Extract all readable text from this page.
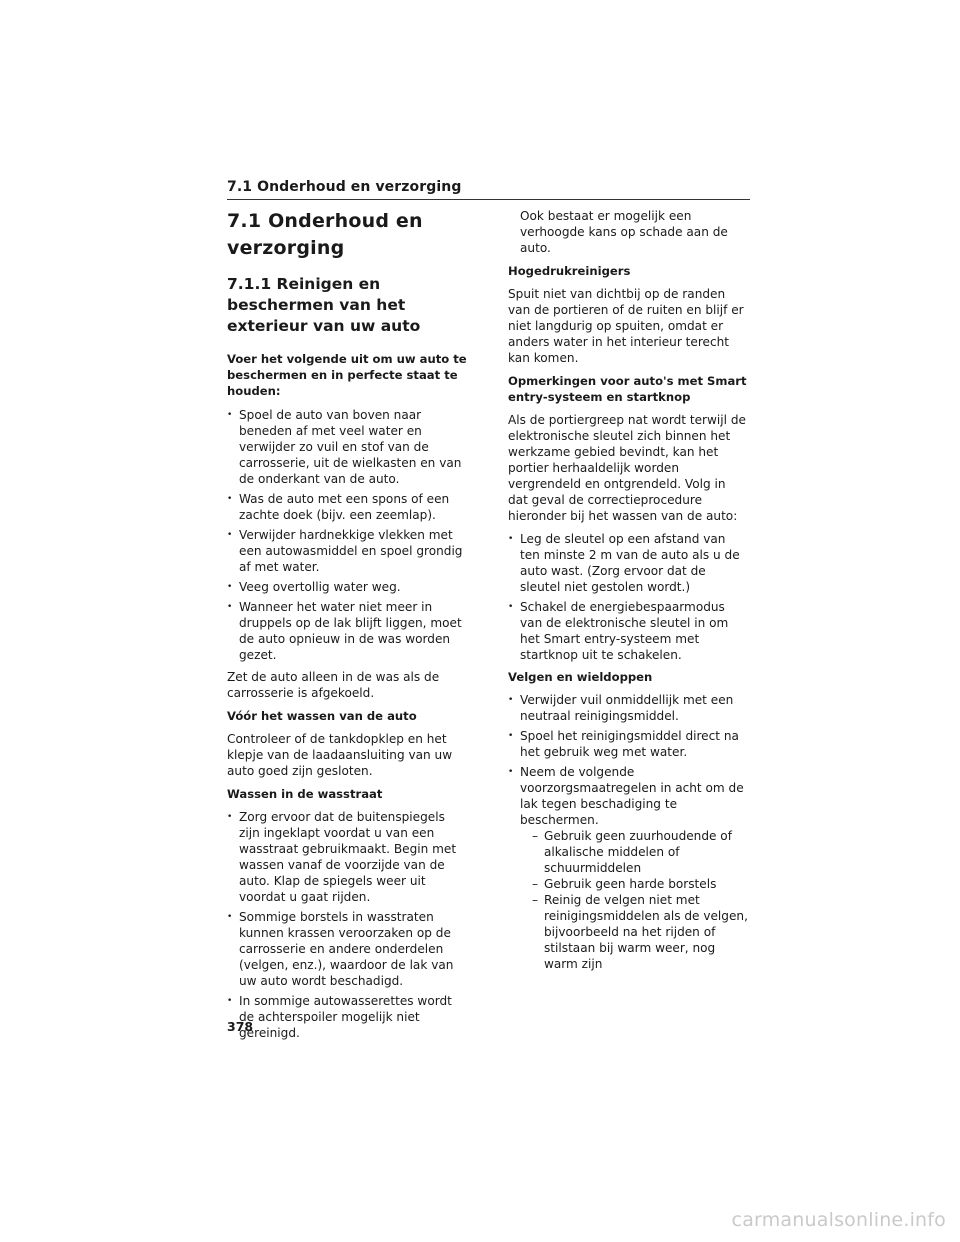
7.1 Onderhoud en verzorging
7.1 Onderhoud en verzorging
7.1.1 Reinigen en beschermen van het exterieur van uw auto
Voer het volgende uit om uw auto te beschermen en in perfecte staat te houden:
• Spoel de auto van boven naar beneden af met veel water en verwijder zo vuil en stof van de carrosserie, uit de wielkasten en van de onderkant van de auto.
• Was de auto met een spons of een zachte doek (bijv. een zeemlap).
• Verwijder hardnekkige vlekken met een autowasmiddel en spoel grondig af met water.
• Veeg overtollig water weg.
• Wanneer het water niet meer in druppels op de lak blijft liggen, moet de auto opnieuw in de was worden gezet.

Zet de auto alleen in de was als de carrosserie is afgekoeld.

Vóór het wassen van de auto

Controleer of de tankdopklep en het klepje van de laadaansluiting van uw auto goed zijn gesloten.

Wassen in de wasstraat
• Zorg ervoor dat de buitenspiegels zijn ingeklapt voordat u van een wasstraat gebruikmaakt. Begin met wassen vanaf de voorzijde van de auto. Klap de spiegels weer uit voordat u gaat rijden.
• Sommige borstels in wasstraten kunnen krassen veroorzaken op de carrosserie en andere onderdelen (velgen, enz.), waardoor de lak van uw auto wordt beschadigd.
• In sommige autowasserettes wordt de achterspoiler mogelijk niet gereinigd.
Ook bestaat er mogelijk een verhoogde kans op schade aan de auto.
Hogedrukreinigers

Spuit niet van dichtbij op de randen van de portieren of de ruiten en blijf er niet langdurig op spuiten, omdat er anders water in het interieur terecht kan komen.

Opmerkingen voor auto's met Smart entry-systeem en startknop

Als de portiergreep nat wordt terwijl de elektronische sleutel zich binnen het werkzame gebied bevindt, kan het portier herhaaldelijk worden vergrendeld en ontgrendeld. Volg in dat geval de correctieprocedure hieronder bij het wassen van de auto:

• Leg de sleutel op een afstand van ten minste 2 m van de auto als u de auto wast. (Zorg ervoor dat de sleutel niet gestolen wordt.)
• Schakel de energiebespaarmodus van de elektronische sleutel in om het Smart entry-systeem met startknop uit te schakelen.
Velgen en wieldoppen
• Verwijder vuil onmiddellijk met een neutraal reinigingsmiddel.
• Spoel het reinigingsmiddel direct na het gebruik weg met water.
• Neem de volgende voorzorgsmaatregelen in acht om de lak tegen beschadiging te beschermen.
– Gebruik geen zuurhoudende of alkalische middelen of schuurmiddelen
– Gebruik geen harde borstels
– Reinig de velgen niet met reinigingsmiddelen als de velgen, bijvoorbeeld na het rijden of stilstaan bij warm weer, nog warm zijn
378
carmanualsonline.info
